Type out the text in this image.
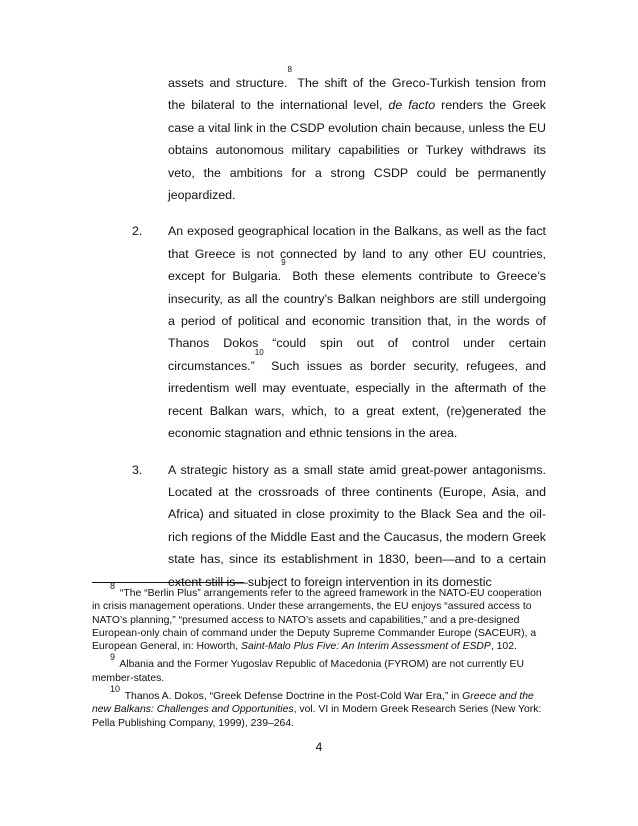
assets and structure.$^8$ The shift of the Greco-Turkish tension from the bilateral to the international level, de facto renders the Greek case a vital link in the CSDP evolution chain because, unless the EU obtains autonomous military capabilities or Turkey withdraws its veto, the ambitions for a strong CSDP could be permanently jeopardized.
2. An exposed geographical location in the Balkans, as well as the fact that Greece is not connected by land to any other EU countries, except for Bulgaria.$^9$ Both these elements contribute to Greece’s insecurity, as all the country’s Balkan neighbors are still undergoing a period of political and economic transition that, in the words of Thanos Dokos “could spin out of control under certain circumstances.”$^{10}$ Such issues as border security, refugees, and irredentism well may eventuate, especially in the aftermath of the recent Balkan wars, which, to a great extent, (re)generated the economic stagnation and ethnic tensions in the area.
3. A strategic history as a small state amid great-power antagonisms. Located at the crossroads of three continents (Europe, Asia, and Africa) and situated in close proximity to the Black Sea and the oil-rich regions of the Middle East and the Caucasus, the modern Greek state has, since its establishment in 1830, been—and to a certain extent still is—subject to foreign intervention in its domestic

$^8$ “The “Berlin Plus” arrangements refer to the agreed framework in the NATO-EU cooperation in crisis management operations. Under these arrangements, the EU enjoys “assured access to NATO’s planning,” “presumed access to NATO’s assets and capabilities,” and a pre-designed European-only chain of command under the Deputy Supreme Commander Europe (SACEUR), a European General, in: Howorth, Saint-Malo Plus Five: An Interim Assessment of ESDP, 102.

$^9$ Albania and the Former Yugoslav Republic of Macedonia (FYROM) are not currently EU member-states.

$^{10}$ Thanos A. Dokos, “Greek Defense Doctrine in the Post-Cold War Era,” in Greece and the new Balkans: Challenges and Opportunities, vol. VI in Modern Greek Research Series (New York: Pella Publishing Company, 1999), 239–264.

4
